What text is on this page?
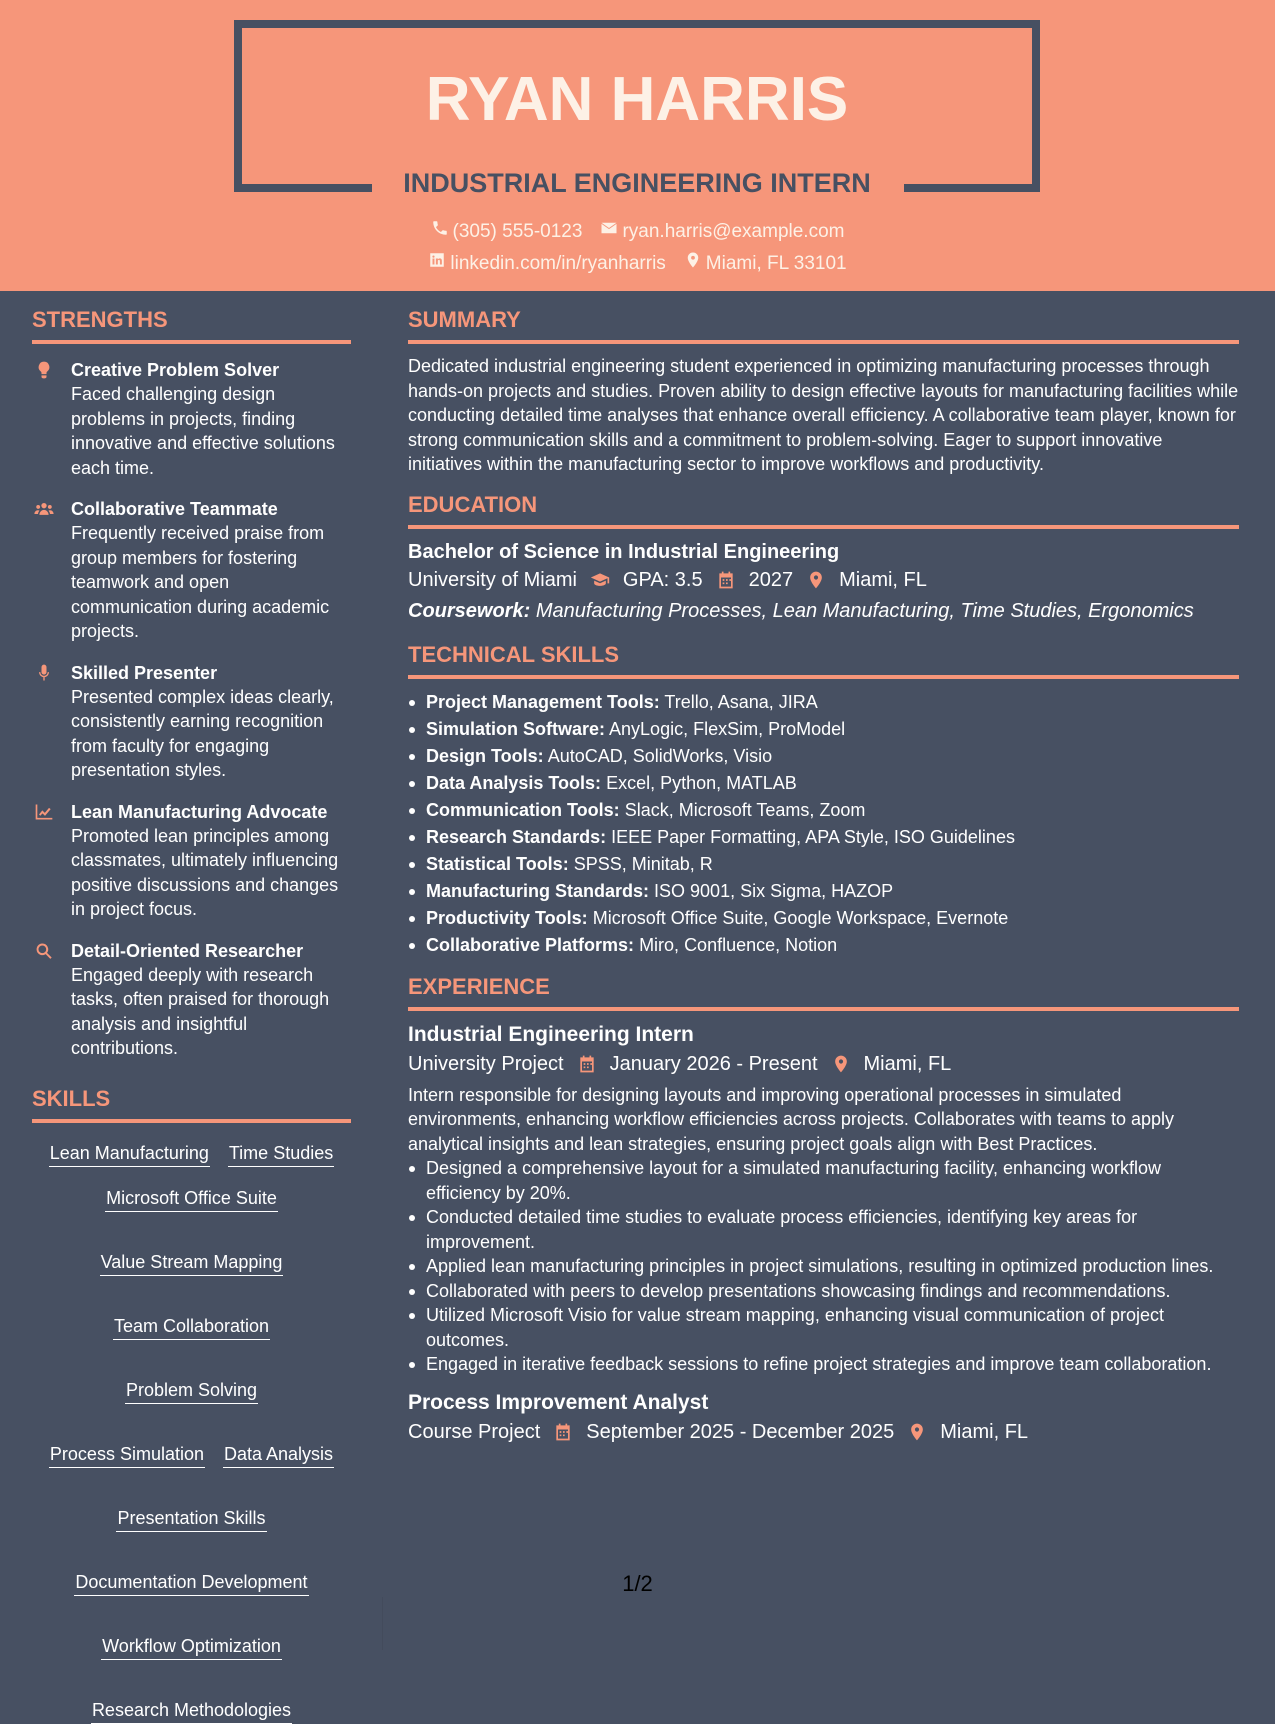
RYAN HARRIS
INDUSTRIAL ENGINEERING INTERN
(305) 555-0123 ryan.harris@example.com
linkedin.com/in/ryanharris Miami, FL 33101
STRENGTHS
Creative Problem Solver
Faced challenging design problems in projects, finding innovative and effective solutions each time.
Collaborative Teammate
Frequently received praise from group members for fostering teamwork and open communication during academic projects.
Skilled Presenter
Presented complex ideas clearly, consistently earning recognition from faculty for engaging presentation styles.
Lean Manufacturing Advocate
Promoted lean principles among classmates, ultimately influencing positive discussions and changes in project focus.
Detail-Oriented Researcher
Engaged deeply with research tasks, often praised for thorough analysis and insightful contributions.
SKILLS
Lean Manufacturing Time Studies
Microsoft Office Suite
Value Stream Mapping
Team Collaboration
Problem Solving
Process Simulation Data Analysis
Presentation Skills
Documentation Development
Workflow Optimization
Research Methodologies
SUMMARY
Dedicated industrial engineering student experienced in optimizing manufacturing processes through hands-on projects and studies. Proven ability to design effective layouts for manufacturing facilities while conducting detailed time analyses that enhance overall efficiency. A collaborative team player, known for strong communication skills and a commitment to problem-solving. Eager to support innovative initiatives within the manufacturing sector to improve workflows and productivity.
EDUCATION
Bachelor of Science in Industrial Engineering
University of Miami GPA: 3.5 2027 Miami, FL
Coursework: Manufacturing Processes, Lean Manufacturing, Time Studies, Ergonomics
TECHNICAL SKILLS
Project Management Tools: Trello, Asana, JIRA
Simulation Software: AnyLogic, FlexSim, ProModel
Design Tools: AutoCAD, SolidWorks, Visio
Data Analysis Tools: Excel, Python, MATLAB
Communication Tools: Slack, Microsoft Teams, Zoom
Research Standards: IEEE Paper Formatting, APA Style, ISO Guidelines
Statistical Tools: SPSS, Minitab, R
Manufacturing Standards: ISO 9001, Six Sigma, HAZOP
Productivity Tools: Microsoft Office Suite, Google Workspace, Evernote
Collaborative Platforms: Miro, Confluence, Notion
EXPERIENCE
Industrial Engineering Intern
University Project January 2026 - Present Miami, FL
Intern responsible for designing layouts and improving operational processes in simulated environments, enhancing workflow efficiencies across projects. Collaborates with teams to apply analytical insights and lean strategies, ensuring project goals align with Best Practices.
Designed a comprehensive layout for a simulated manufacturing facility, enhancing workflow efficiency by 20%.
Conducted detailed time studies to evaluate process efficiencies, identifying key areas for improvement.
Applied lean manufacturing principles in project simulations, resulting in optimized production lines.
Collaborated with peers to develop presentations showcasing findings and recommendations.
Utilized Microsoft Visio for value stream mapping, enhancing visual communication of project outcomes.
Engaged in iterative feedback sessions to refine project strategies and improve team collaboration.
Process Improvement Analyst
Course Project September 2025 - December 2025 Miami, FL
1/2
